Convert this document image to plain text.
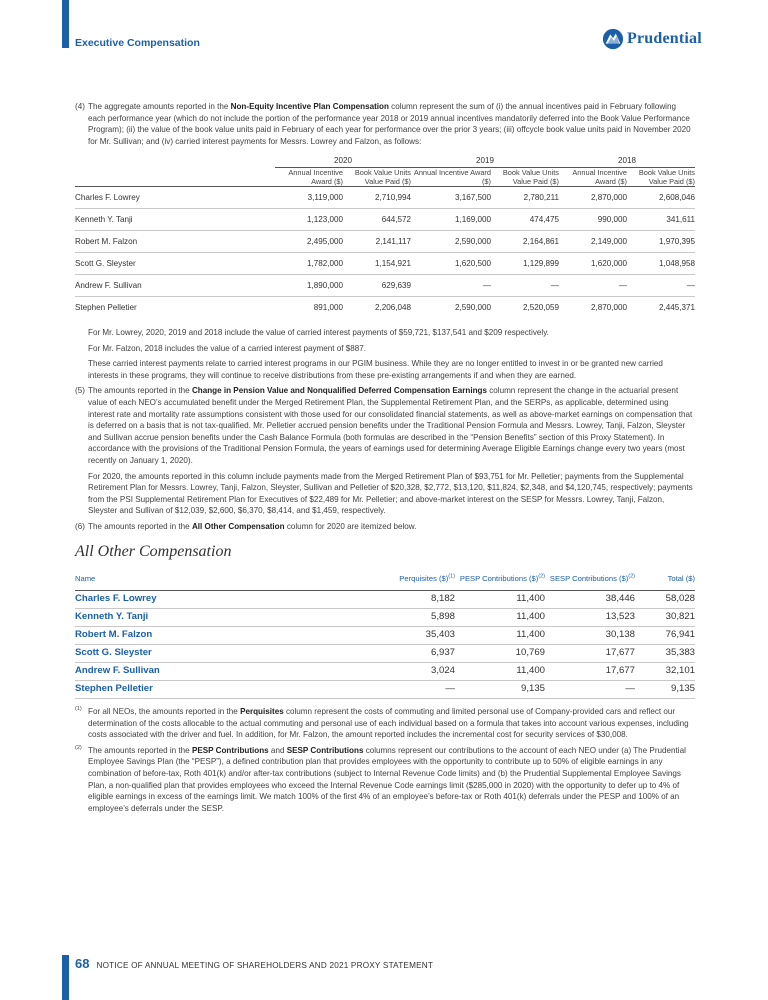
Executive Compensation	Prudential
(4) The aggregate amounts reported in the Non-Equity Incentive Plan Compensation column represent the sum of (i) the annual incentives paid in February following each performance year (which do not include the portion of the performance year 2018 or 2019 annual incentives mandatorily deferred into the Book Value Performance Program); (ii) the value of the book value units paid in February of each year for performance over the prior 3 years; (iii) offcycle book value units paid in November 2020 for Mr. Sullivan; and (iv) carried interest payments for Messrs. Lowrey and Falzon, as follows:

	2020		2019		2018	
	Annual Incentive Award ($)	Book Value Units Value Paid ($)	Annual Incentive Award ($)	Book Value Units Value Paid ($)	Annual Incentive Award ($)	Book Value Units Value Paid ($)
Charles F. Lowrey	3,119,000	2,710,994	3,167,500	2,780,211	2,870,000	2,608,046
Kenneth Y. Tanji	1,123,000	644,572	1,169,000	474,475	990,000	341,611
Robert M. Falzon	2,495,000	2,141,117	2,590,000	2,164,861	2,149,000	1,970,395
Scott G. Sleyster	1,782,000	1,154,921	1,620,500	1,129,899	1,620,000	1,048,958
Andrew F. Sullivan	1,890,000	629,639	—	—	—	—
Stephen Pelletier	891,000	2,206,048	2,590,000	2,520,059	2,870,000	2,445,371

For Mr. Lowrey, 2020, 2019 and 2018 include the value of carried interest payments of $59,721, $137,541 and $209 respectively.

For Mr. Falzon, 2018 includes the value of a carried interest payment of $887.

These carried interest payments relate to carried interest programs in our PGIM business. While they are no longer entitled to invest in or be granted new carried interests in these programs, they will continue to receive distributions from these pre-existing arrangements if and when they are earned.

(5) The amounts reported in the Change in Pension Value and Nonqualified Deferred Compensation Earnings column represent the change in the actuarial present value of each NEO’s accumulated benefit under the Merged Retirement Plan, the Supplemental Retirement Plan, and the SERPs, as applicable, determined using interest rate and mortality rate assumptions consistent with those used for our consolidated financial statements, as well as above-market earnings on compensation that is deferred on a basis that is not tax-qualified. Mr. Pelletier accrued pension benefits under the Traditional Pension Formula and Messrs. Lowrey, Tanji, Falzon, Sleyster and Sullivan accrue pension benefits under the Cash Balance Formula (both formulas are described in the “Pension Benefits” section of this Proxy Statement). In accordance with the provisions of the Traditional Pension Formula, the years of earnings used for determining Average Eligible Earnings change every two years (most recently on January 1, 2020).

For 2020, the amounts reported in this column include payments made from the Merged Retirement Plan of $93,751 for Mr. Pelletier; payments from the Supplemental Retirement Plan for Messrs. Lowrey, Tanji, Falzon, Sleyster, Sullivan and Pelletier of $20,328, $2,772, $13,120, $11,824, $2,348, and $4,120,745, respectively; payments from the PSI Supplemental Retirement Plan for Executives of $22,489 for Mr. Pelletier; and above-market interest on the SESP for Messrs. Lowrey, Tanji, Falzon, Sleyster and Sullivan of $12,039, $2,600, $6,370, $8,414, and $1,459, respectively.

(6) The amounts reported in the All Other Compensation column for 2020 are itemized below.

All Other Compensation
Name	Perquisites ($)$^{(1)}$	PESP Contributions ($)$^{(2)}$	SESP Contributions ($)$^{(2)}$	Total ($)
Charles F. Lowrey	8,182	11,400	38,446	58,028
Kenneth Y. Tanji	5,898	11,400	13,523	30,821
Robert M. Falzon	35,403	11,400	30,138	76,941
Scott G. Sleyster	6,937	10,769	17,677	35,383
Andrew F. Sullivan	3,024	11,400	17,677	32,101
Stephen Pelletier	—	9,135	—	9,135
(1) For all NEOs, the amounts reported in the Perquisites column represent the costs of commuting and limited personal use of Company-provided cars and reflect our determination of the costs allocable to the actual commuting and personal use of each individual based on a formula that takes into account various expenses, including costs associated with the driver and fuel. In addition, for Mr. Falzon, the amount reported includes the incremental cost for security services of $30,008.

(2) The amounts reported in the PESP Contributions and SESP Contributions columns represent our contributions to the account of each NEO under (a) The Prudential Employee Savings Plan (the “PESP”), a defined contribution plan that provides employees with the opportunity to contribute up to 50% of eligible earnings in any combination of before-tax, Roth 401(k) and/or after-tax contributions (subject to Internal Revenue Code limits) and (b) the Prudential Supplemental Employee Savings Plan, a non-qualified plan that provides employees who exceed the Internal Revenue Code earnings limit ($285,000 in 2020) with the opportunity to defer up to 4% of eligible earnings in excess of the earnings limit. We match 100% of the first 4% of an employee’s before-tax or Roth 401(k) deferrals under the PESP and 100% of an employee’s deferrals under the SESP.

68 NOTICE OF ANNUAL MEETING OF SHAREHOLDERS AND 2021 PROXY STATEMENT
